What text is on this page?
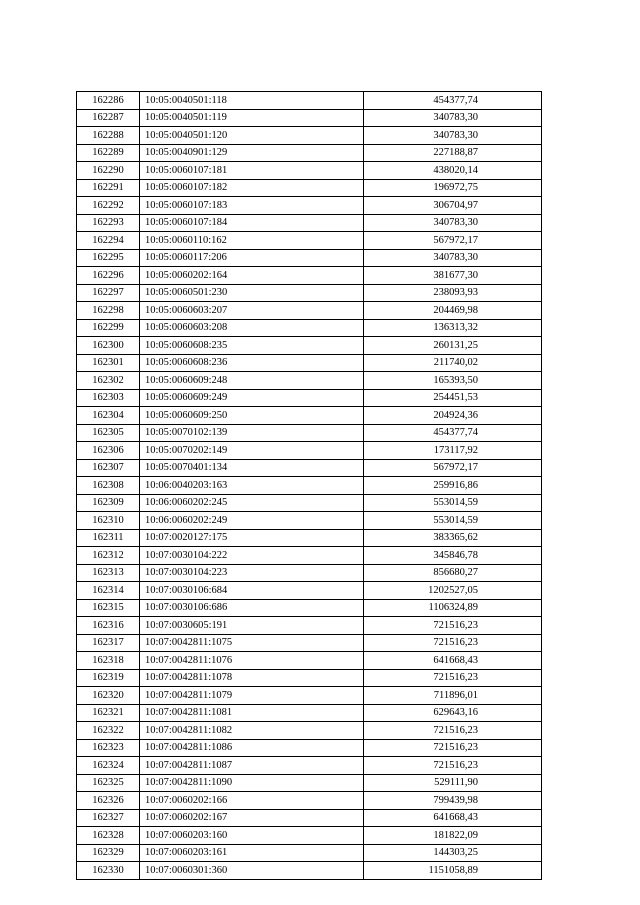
162286	10:05:0040501:118	454377,74
162287	10:05:0040501:119	340783,30
162288	10:05:0040501:120	340783,30
162289	10:05:0040901:129	227188,87
162290	10:05:0060107:181	438020,14
162291	10:05:0060107:182	196972,75
162292	10:05:0060107:183	306704,97
162293	10:05:0060107:184	340783,30
162294	10:05:0060110:162	567972,17
162295	10:05:0060117:206	340783,30
162296	10:05:0060202:164	381677,30
162297	10:05:0060501:230	238093,93
162298	10:05:0060603:207	204469,98
162299	10:05:0060603:208	136313,32
162300	10:05:0060608:235	260131,25
162301	10:05:0060608:236	211740,02
162302	10:05:0060609:248	165393,50
162303	10:05:0060609:249	254451,53
162304	10:05:0060609:250	204924,36
162305	10:05:0070102:139	454377,74
162306	10:05:0070202:149	173117,92
162307	10:05:0070401:134	567972,17
162308	10:06:0040203:163	259916,86
162309	10:06:0060202:245	553014,59
162310	10:06:0060202:249	553014,59
162311	10:07:0020127:175	383365,62
162312	10:07:0030104:222	345846,78
162313	10:07:0030104:223	856680,27
162314	10:07:0030106:684	1202527,05
162315	10:07:0030106:686	1106324,89
162316	10:07:0030605:191	721516,23
162317	10:07:0042811:1075	721516,23
162318	10:07:0042811:1076	641668,43
162319	10:07:0042811:1078	721516,23
162320	10:07:0042811:1079	711896,01
162321	10:07:0042811:1081	629643,16
162322	10:07:0042811:1082	721516,23
162323	10:07:0042811:1086	721516,23
162324	10:07:0042811:1087	721516,23
162325	10:07:0042811:1090	529111,90
162326	10:07:0060202:166	799439,98
162327	10:07:0060202:167	641668,43
162328	10:07:0060203:160	181822,09
162329	10:07:0060203:161	144303,25
162330	10:07:0060301:360	1151058,89
